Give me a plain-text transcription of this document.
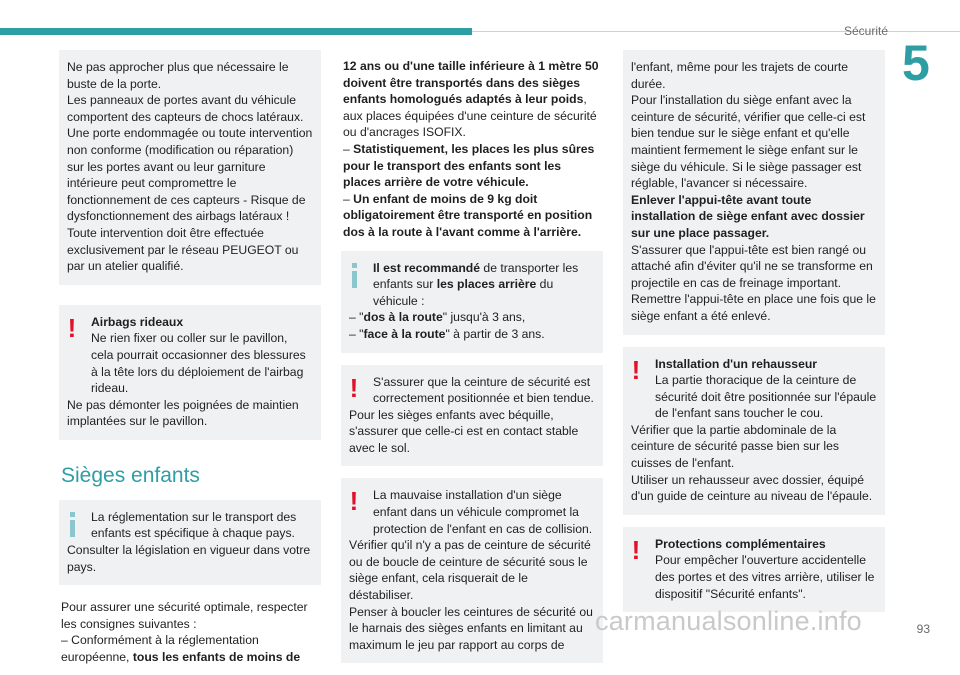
Sécurité
5

Ne pas approcher plus que nécessaire le buste de la porte.

Les panneaux de portes avant du véhicule comportent des capteurs de chocs latéraux.

Une porte endommagée ou toute intervention non conforme (modification ou réparation) sur les portes avant ou leur garniture intérieure peut compromettre le fonctionnement de ces capteurs - Risque de dysfonctionnement des airbags latéraux !

Toute intervention doit être effectuée exclusivement par le réseau PEUGEOT ou par un atelier qualifié.

! Airbags rideaux
Ne rien fixer ou coller sur le pavillon, cela pourrait occasionner des blessures à la tête lors du déploiement de l'airbag rideau.

Ne pas démonter les poignées de maintien implantées sur le pavillon.

Sièges enfants

La réglementation sur le transport des enfants est spécifique à chaque pays.

Consulter la législation en vigueur dans votre pays.

Pour assurer une sécurité optimale, respecter les consignes suivantes :

– Conformément à la réglementation européenne, tous les enfants de moins de

12 ans ou d'une taille inférieure à 1 mètre 50 doivent être transportés dans des sièges enfants homologués adaptés à leur poids, aux places équipées d'une ceinture de sécurité ou d'ancrages ISOFIX.

– Statistiquement, les places les plus sûres pour le transport des enfants sont les places arrière de votre véhicule.

– Un enfant de moins de 9 kg doit obligatoirement être transporté en position dos à la route à l'avant comme à l'arrière.

Il est recommandé de transporter les enfants sur les places arrière du véhicule :

– "dos à la route" jusqu'à 3 ans,

– "face à la route" à partir de 3 ans.

! S'assurer que la ceinture de sécurité est correctement positionnée et bien tendue.

Pour les sièges enfants avec béquille, s'assurer que celle-ci est en contact stable avec le sol.

! La mauvaise installation d'un siège enfant dans un véhicule compromet la protection de l'enfant en cas de collision.

Vérifier qu'il n'y a pas de ceinture de sécurité ou de boucle de ceinture de sécurité sous le siège enfant, cela risquerait de le déstabiliser.

Penser à boucler les ceintures de sécurité ou le harnais des sièges enfants en limitant au maximum le jeu par rapport au corps de

l'enfant, même pour les trajets de courte durée.

Pour l'installation du siège enfant avec la ceinture de sécurité, vérifier que celle-ci est bien tendue sur le siège enfant et qu'elle maintient fermement le siège enfant sur le siège du véhicule. Si le siège passager est réglable, l'avancer si nécessaire.

Enlever l'appui-tête avant toute installation de siège enfant avec dossier sur une place passager.

S'assurer que l'appui-tête est bien rangé ou attaché afin d'éviter qu'il ne se transforme en projectile en cas de freinage important.

Remettre l'appui-tête en place une fois que le siège enfant a été enlevé.

! Installation d'un rehausseur
La partie thoracique de la ceinture de sécurité doit être positionnée sur l'épaule de l'enfant sans toucher le cou.

Vérifier que la partie abdominale de la ceinture de sécurité passe bien sur les cuisses de l'enfant.

Utiliser un rehausseur avec dossier, équipé d'un guide de ceinture au niveau de l'épaule.

! Protections complémentaires
Pour empêcher l'ouverture accidentelle des portes et des vitres arrière, utiliser le dispositif "Sécurité enfants".

carmanualsonline.info	93
